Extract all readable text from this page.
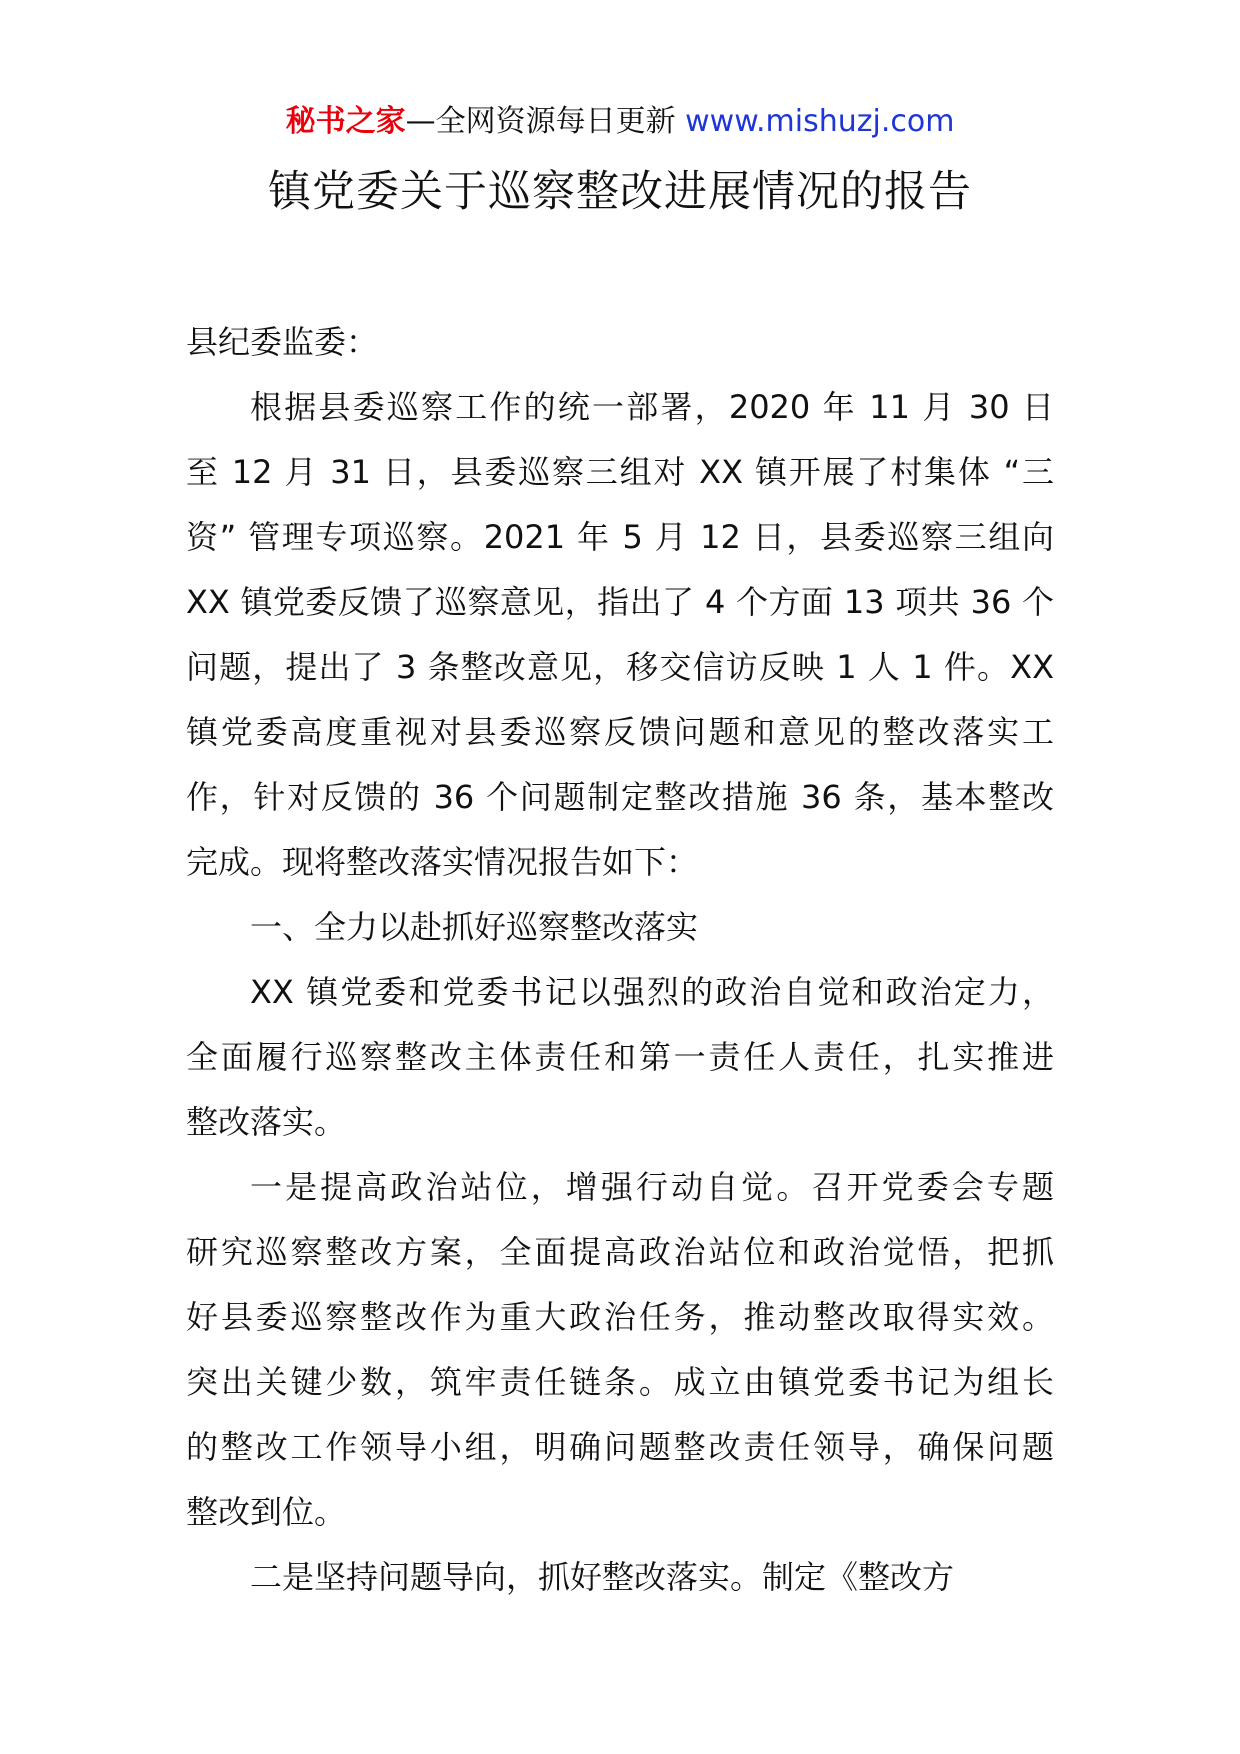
秘书之家—全网资源每日更新 www.mishuzj.com
镇党委关于巡察整改进展情况的报告
县纪委监委：
根据县委巡察工作的统一部署，2020 年 11 月 30 日
至 12 月 31 日，县委巡察三组对 XX 镇开展了村集体 “三
资” 管理专项巡察。2021 年 5 月 12 日，县委巡察三组向
XX 镇党委反馈了巡察意见，指出了 4 个方面 13 项共 36 个
问题，提出了 3 条整改意见，移交信访反映 1 人 1 件。XX
镇党委高度重视对县委巡察反馈问题和意见的整改落实工
作，针对反馈的 36 个问题制定整改措施 36 条，基本整改
完成。现将整改落实情况报告如下：
一、全力以赴抓好巡察整改落实
XX 镇党委和党委书记以强烈的政治自觉和政治定力，
全面履行巡察整改主体责任和第一责任人责任，扎实推进
整改落实。
一是提高政治站位，增强行动自觉。召开党委会专题
研究巡察整改方案，全面提高政治站位和政治觉悟，把抓
好县委巡察整改作为重大政治任务，推动整改取得实效。
突出关键少数，筑牢责任链条。成立由镇党委书记为组长
的整改工作领导小组，明确问题整改责任领导，确保问题
整改到位。
二是坚持问题导向，抓好整改落实。制定《整改方
